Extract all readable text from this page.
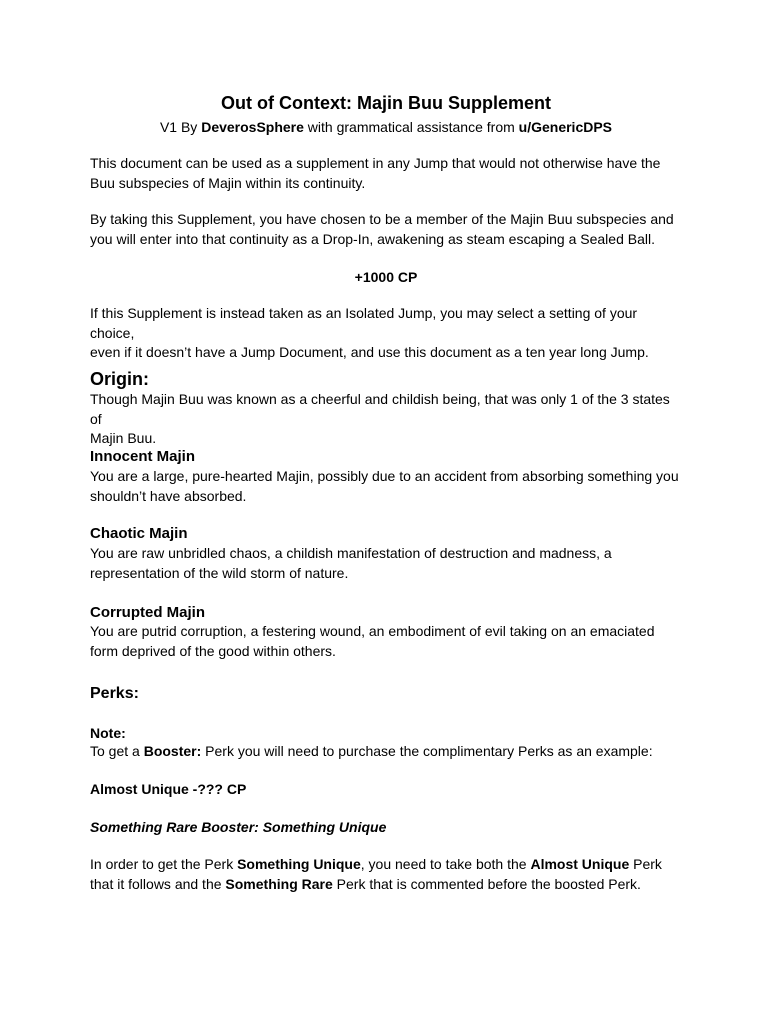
Out of Context: Majin Buu Supplement
V1 By DeverosSphere with grammatical assistance from u/GenericDPS
This document can be used as a supplement in any Jump that would not otherwise have the
Buu subspecies of Majin within its continuity.
By taking this Supplement, you have chosen to be a member of the Majin Buu subspecies and
you will enter into that continuity as a Drop-In, awakening as steam escaping a Sealed Ball.
+1000 CP
If this Supplement is instead taken as an Isolated Jump, you may select a setting of your choice,
even if it doesn’t have a Jump Document, and use this document as a ten year long Jump.
Origin:
Though Majin Buu was known as a cheerful and childish being, that was only 1 of the 3 states of
Majin Buu.
Innocent Majin
You are a large, pure-hearted Majin, possibly due to an accident from absorbing something you
shouldn’t have absorbed.
Chaotic Majin
You are raw unbridled chaos, a childish manifestation of destruction and madness, a
representation of the wild storm of nature.
Corrupted Majin
You are putrid corruption, a festering wound, an embodiment of evil taking on an emaciated
form deprived of the good within others.
Perks:
Note:
To get a Booster: Perk you will need to purchase the complimentary Perks as an example:
Almost Unique -??? CP
Something Rare Booster: Something Unique
In order to get the Perk Something Unique, you need to take both the Almost Unique Perk
that it follows and the Something Rare Perk that is commented before the boosted Perk.
